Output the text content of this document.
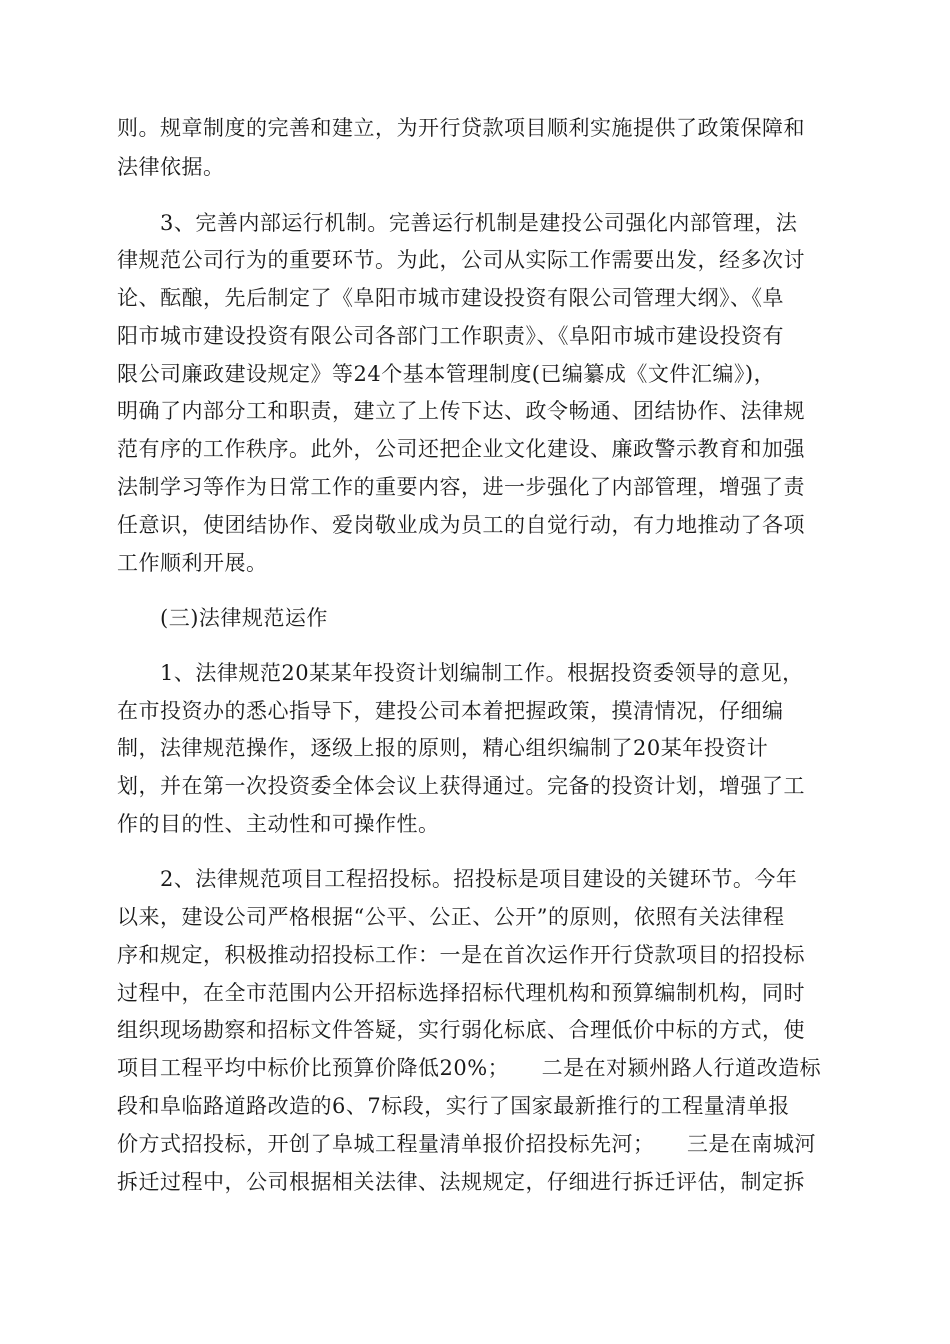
则。规章制度的完善和建立，为开行贷款项目顺利实施提供了政策保障和
法律依据。
3、完善内部运行机制。完善运行机制是建投公司强化内部管理，法
律规范公司行为的重要环节。为此，公司从实际工作需要出发，经多次讨
论、酝酿，先后制定了《阜阳市城市建设投资有限公司管理大纲》、《阜
阳市城市建设投资有限公司各部门工作职责》、《阜阳市城市建设投资有
限公司廉政建设规定》等24个基本管理制度(已编纂成《文件汇编》)，
明确了内部分工和职责，建立了上传下达、政令畅通、团结协作、法律规
范有序的工作秩序。此外，公司还把企业文化建设、廉政警示教育和加强
法制学习等作为日常工作的重要内容，进一步强化了内部管理，增强了责
任意识，使团结协作、爱岗敬业成为员工的自觉行动，有力地推动了各项
工作顺利开展。
(三)法律规范运作
1、法律规范20某某年投资计划编制工作。根据投资委领导的意见，
在市投资办的悉心指导下，建投公司本着把握政策，摸清情况，仔细编
制，法律规范操作，逐级上报的原则，精心组织编制了20某年投资计
划，并在第一次投资委全体会议上获得通过。完备的投资计划，增强了工
作的目的性、主动性和可操作性。
2、法律规范项目工程招投标。招投标是项目建设的关键环节。今年
以来，建设公司严格根据“公平、公正、公开”的原则，依照有关法律程
序和规定，积极推动招投标工作：一是在首次运作开行贷款项目的招投标
过程中，在全市范围内公开招标选择招标代理机构和预算编制机构，同时
组织现场勘察和招标文件答疑，实行弱化标底、合理低价中标的方式，使
项目工程平均中标价比预算价降低20%；　　二是在对颍州路人行道改造标
段和阜临路道路改造的6、7标段，实行了国家最新推行的工程量清单报
价方式招投标，开创了阜城工程量清单报价招投标先河；　　三是在南城河
拆迁过程中，公司根据相关法律、法规规定，仔细进行拆迁评估，制定拆
